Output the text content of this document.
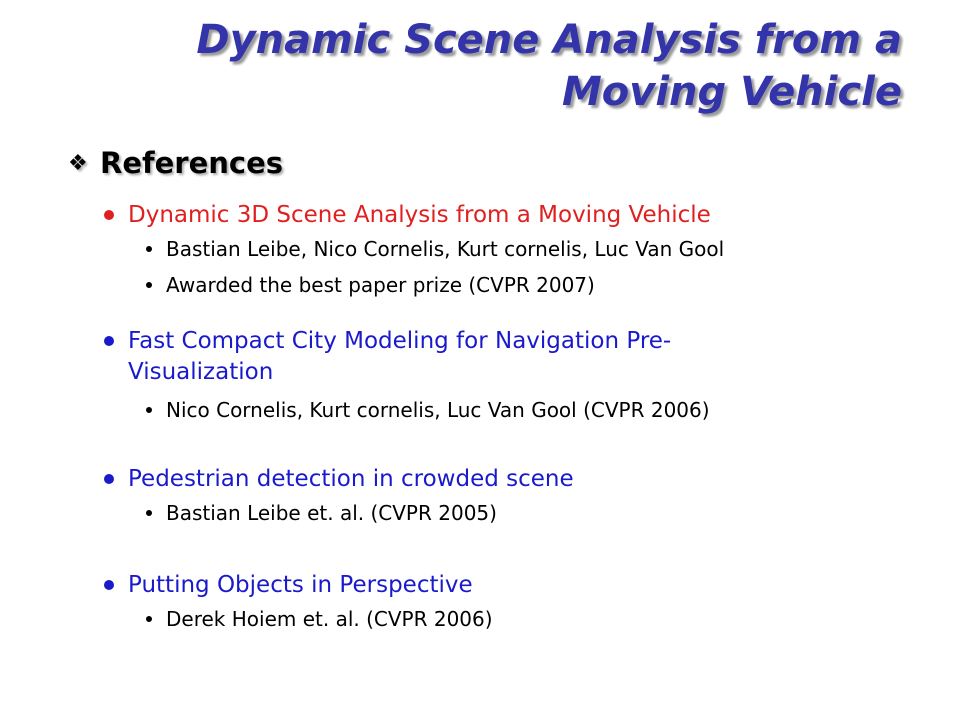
Dynamic Scene Analysis from a
Moving Vehicle
❖ References
Dynamic 3D Scene Analysis from a Moving Vehicle
Bastian Leibe, Nico Cornelis, Kurt cornelis, Luc Van Gool
Awarded the best paper prize (CVPR 2007)
Fast Compact City Modeling for Navigation Pre-Visualization
Nico Cornelis, Kurt cornelis, Luc Van Gool (CVPR 2006)
Pedestrian detection in crowded scene
Bastian Leibe et. al. (CVPR 2005)
Putting Objects in Perspective
Derek Hoiem et. al. (CVPR 2006)
